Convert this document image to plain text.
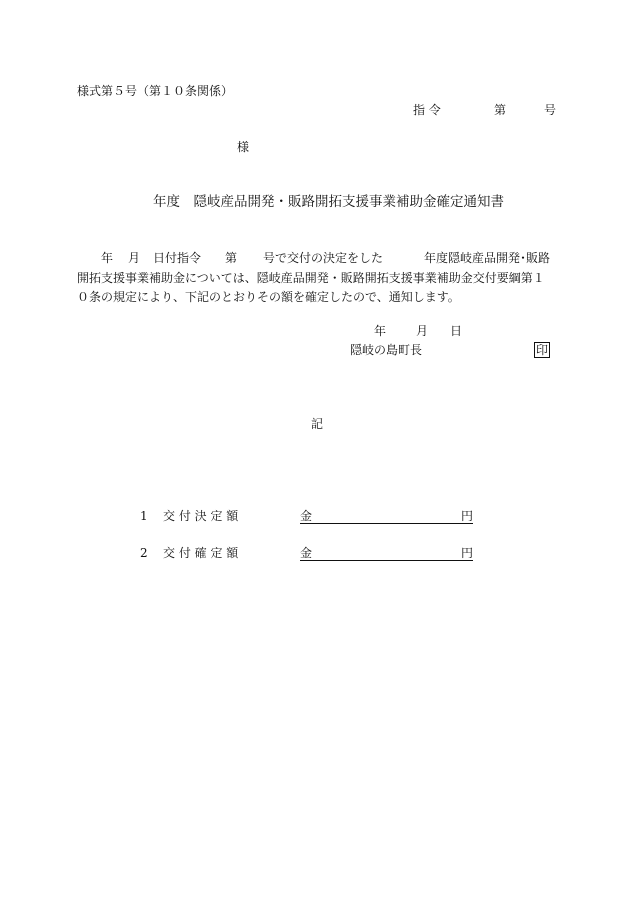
様式第５号（第１０条関係）
指 令	第	号
様
年度　隠岐産品開発・販路開拓支援事業補助金確定通知書
年 月 日付指令 第 号で交付の決定をした	年度隠岐産品開発･販路
開拓支援事業補助金については、隠岐産品開発・販路開拓支援事業補助金交付要綱第１
０条の規定により、下記のとおりその額を確定したので、通知します。
年 月 日
隠岐の島町長	印
記
1 交 付 決 定 額	金	円
2 交 付 確 定 額	金	円
